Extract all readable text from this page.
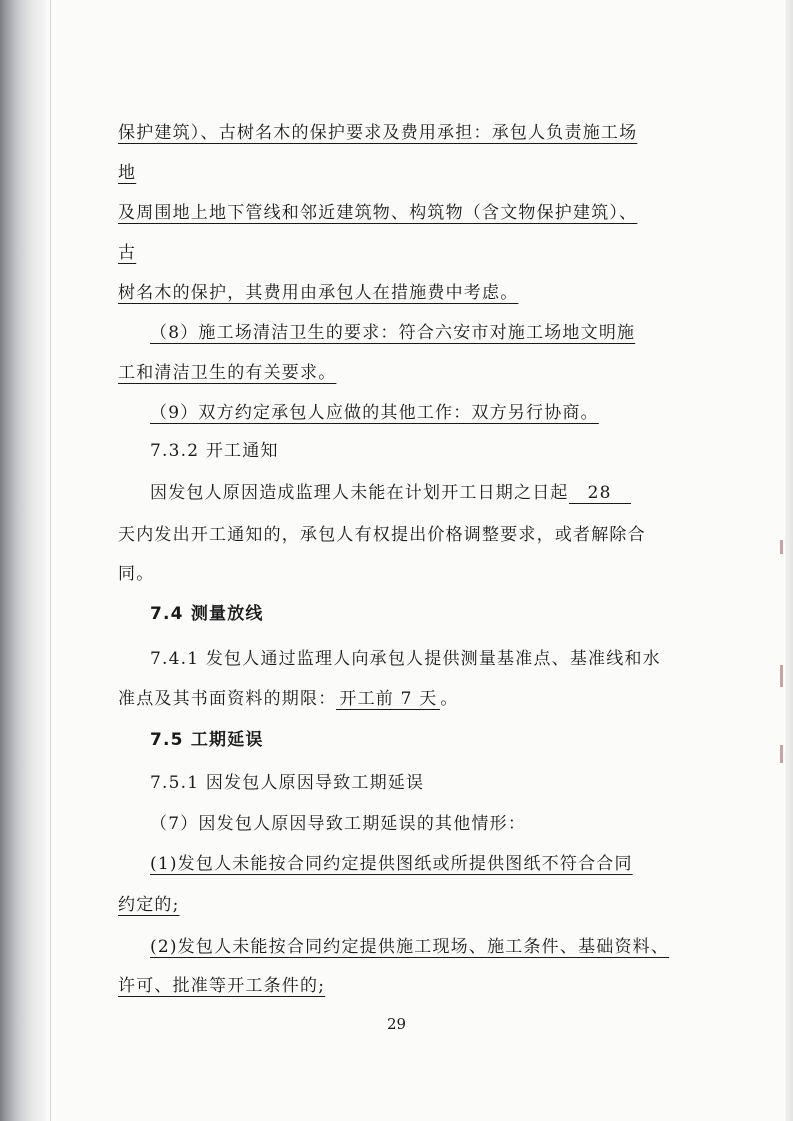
保护建筑）、古树名木的保护要求及费用承担：承包人负责施工场
地
及周围地上地下管线和邻近建筑物、构筑物（含文物保护建筑）、
古
树名木的保护，其费用由承包人在措施费中考虑。
（8）施工场清洁卫生的要求：符合六安市对施工场地文明施
工和清洁卫生的有关要求。
（9）双方约定承包人应做的其他工作：双方另行协商。
7.3.2 开工通知
因发包人原因造成监理人未能在计划开工日期之日起 28
天内发出开工通知的，承包人有权提出价格调整要求，或者解除合
同。
7.4 测量放线
7.4.1 发包人通过监理人向承包人提供测量基准点、基准线和水
准点及其书面资料的期限： 开工前 7 天 。
7.5 工期延误
7.5.1 因发包人原因导致工期延误
（7）因发包人原因导致工期延误的其他情形：
(1)发包人未能按合同约定提供图纸或所提供图纸不符合合同
约定的;
(2)发包人未能按合同约定提供施工现场、施工条件、基础资料、
许可、批准等开工条件的;
29
